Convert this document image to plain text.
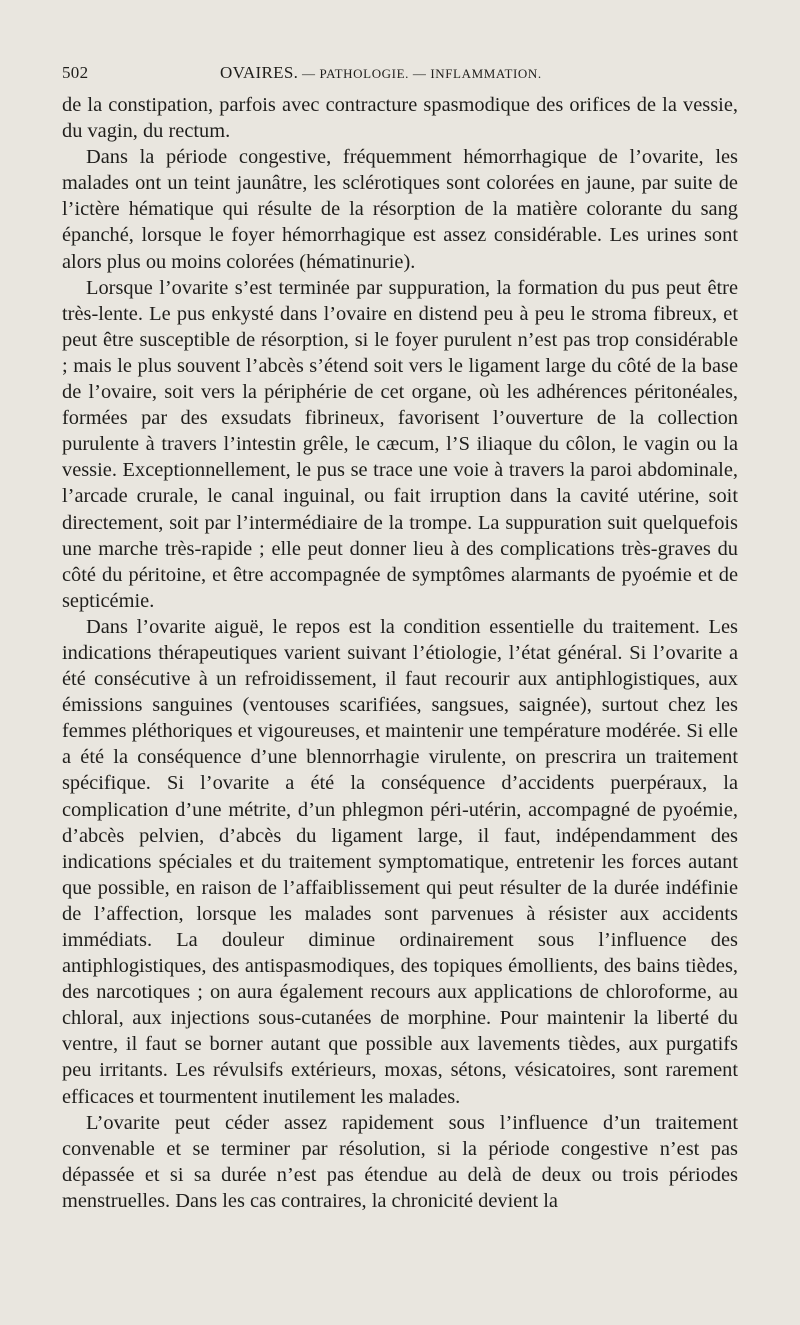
502	OVAIRES. — PATHOLOGIE. — INFLAMMATION.

de la constipation, parfois avec contracture spasmodique des orifices de la vessie, du vagin, du rectum.

Dans la période congestive, fréquemment hémorrhagique de l’ovarite, les malades ont un teint jaunâtre, les sclérotiques sont colorées en jaune, par suite de l’ictère hématique qui résulte de la résorption de la matière colorante du sang épanché, lorsque le foyer hémorrhagique est assez considérable. Les urines sont alors plus ou moins colorées (hématinurie).

Lorsque l’ovarite s’est terminée par suppuration, la formation du pus peut être très-lente. Le pus enkysté dans l’ovaire en distend peu à peu le stroma fibreux, et peut être susceptible de résorption, si le foyer purulent n’est pas trop considérable ; mais le plus souvent l’abcès s’étend soit vers le ligament large du côté de la base de l’ovaire, soit vers la périphérie de cet organe, où les adhérences péritonéales, formées par des exsudats fibrineux, favorisent l’ouverture de la collection purulente à travers l’intestin grêle, le cæcum, l’S iliaque du côlon, le vagin ou la vessie. Exceptionnellement, le pus se trace une voie à travers la paroi abdominale, l’arcade crurale, le canal inguinal, ou fait irruption dans la cavité utérine, soit directement, soit par l’intermédiaire de la trompe. La suppuration suit quelquefois une marche très-rapide ; elle peut donner lieu à des complications très-graves du côté du péritoine, et être accompagnée de symptômes alarmants de pyoémie et de septicémie.

Dans l’ovarite aiguë, le repos est la condition essentielle du traitement. Les indications thérapeutiques varient suivant l’étiologie, l’état général. Si l’ovarite a été consécutive à un refroidissement, il faut recourir aux antiphlogistiques, aux émissions sanguines (ventouses scarifiées, sangsues, saignée), surtout chez les femmes pléthoriques et vigoureuses, et maintenir une température modérée. Si elle a été la conséquence d’une blennorrhagie virulente, on prescrira un traitement spécifique. Si l’ovarite a été la conséquence d’accidents puerpéraux, la complication d’une métrite, d’un phlegmon péri-utérin, accompagné de pyoémie, d’abcès pelvien, d’abcès du ligament large, il faut, indépendamment des indications spéciales et du traitement symptomatique, entretenir les forces autant que possible, en raison de l’affaiblissement qui peut résulter de la durée indéfinie de l’affection, lorsque les malades sont parvenues à résister aux accidents immédiats. La douleur diminue ordinairement sous l’influence des antiphlogistiques, des antispasmodiques, des topiques émollients, des bains tièdes, des narcotiques ; on aura également recours aux applications de chloroforme, au chloral, aux injections sous-cutanées de morphine. Pour maintenir la liberté du ventre, il faut se borner autant que possible aux lavements tièdes, aux purgatifs peu irritants. Les révulsifs extérieurs, moxas, sétons, vésicatoires, sont rarement efficaces et tourmentent inutilement les malades.

L’ovarite peut céder assez rapidement sous l’influence d’un traitement convenable et se terminer par résolution, si la période congestive n’est pas dépassée et si sa durée n’est pas étendue au delà de deux ou trois périodes menstruelles. Dans les cas contraires, la chronicité devient la
